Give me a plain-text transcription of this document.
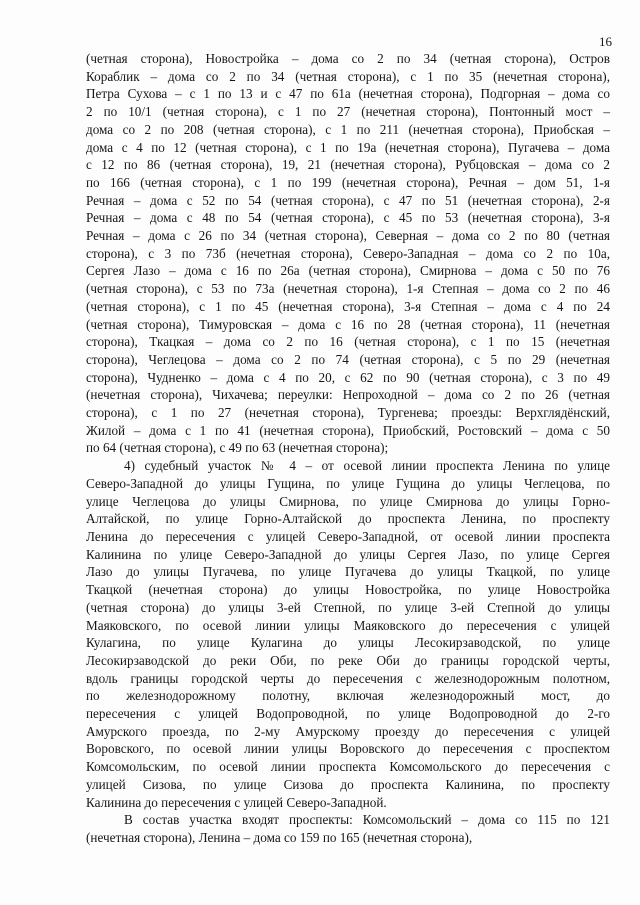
16
(четная сторона), Новостройка – дома со 2 по 34 (четная сторона), Остров
Кораблик – дома со 2 по 34 (четная сторона), с 1 по 35 (нечетная сторона),
Петра Сухова – с 1 по 13 и с 47 по 61а (нечетная сторона), Подгорная – дома со
2 по 10/1 (четная сторона), с 1 по 27 (нечетная сторона), Понтонный мост –
дома со 2 по 208 (четная сторона), с 1 по 211 (нечетная сторона), Приобская –
дома с 4 по 12 (четная сторона), с 1 по 19а (нечетная сторона), Пугачева – дома
с 12 по 86 (четная сторона), 19, 21 (нечетная сторона), Рубцовская – дома со 2
по 166 (четная сторона), с 1 по 199 (нечетная сторона), Речная – дом 51, 1-я
Речная – дома с 52 по 54 (четная сторона), с 47 по 51 (нечетная сторона), 2-я
Речная – дома с 48 по 54 (четная сторона), с 45 по 53 (нечетная сторона), 3-я
Речная – дома с 26 по 34 (четная сторона), Северная – дома со 2 по 80 (четная
сторона), с 3 по 73б (нечетная сторона), Северо-Западная – дома со 2 по 10а,
Сергея Лазо – дома с 16 по 26а (четная сторона), Смирнова – дома с 50 по 76
(четная сторона), с 53 по 73а (нечетная сторона), 1-я Степная – дома со 2 по 46
(четная сторона), с 1 по 45 (нечетная сторона), 3-я Степная – дома с 4 по 24
(четная сторона), Тимуровская – дома с 16 по 28 (четная сторона), 11 (нечетная
сторона), Ткацкая – дома со 2 по 16 (четная сторона), с 1 по 15 (нечетная
сторона), Чеглецова – дома со 2 по 74 (четная сторона), с 5 по 29 (нечетная
сторона), Чудненко – дома с 4 по 20, с 62 по 90 (четная сторона), с 3 по 49
(нечетная сторона), Чихачева; переулки: Непроходной – дома со 2 по 26 (четная
сторона), с 1 по 27 (нечетная сторона), Тургенева; проезды: Верхглядёнский,
Жилой – дома с 1 по 41 (нечетная сторона), Приобский, Ростовский – дома с 50
по 64 (четная сторона), с 49 по 63 (нечетная сторона);
4) судебный участок № 4 – от осевой линии проспекта Ленина по улице
Северо-Западной до улицы Гущина, по улице Гущина до улицы Чеглецова, по
улице Чеглецова до улицы Смирнова, по улице Смирнова до улицы Горно-
Алтайской, по улице Горно-Алтайской до проспекта Ленина, по проспекту
Ленина до пересечения с улицей Северо-Западной, от осевой линии проспекта
Калинина по улице Северо-Западной до улицы Сергея Лазо, по улице Сергея
Лазо до улицы Пугачева, по улице Пугачева до улицы Ткацкой, по улице
Ткацкой (нечетная сторона) до улицы Новостройка, по улице Новостройка
(четная сторона) до улицы 3-ей Степной, по улице 3-ей Степной до улицы
Маяковского, по осевой линии улицы Маяковского до пересечения с улицей
Кулагина, по улице Кулагина до улицы Лесокирзаводской, по улице
Лесокирзаводской до реки Оби, по реке Оби до границы городской черты,
вдоль границы городской черты до пересечения с железнодорожным полотном,
по железнодорожному полотну, включая железнодорожный мост, до
пересечения с улицей Водопроводной, по улице Водопроводной до 2-го
Амурского проезда, по 2-му Амурскому проезду до пересечения с улицей
Воровского, по осевой линии улицы Воровского до пересечения с проспектом
Комсомольским, по осевой линии проспекта Комсомольского до пересечения с
улицей Сизова, по улице Сизова до проспекта Калинина, по проспекту
Калинина до пересечения с улицей Северо-Западной.
В состав участка входят проспекты: Комсомольский – дома со 115 по 121
(нечетная сторона), Ленина – дома со 159 по 165 (нечетная сторона),
